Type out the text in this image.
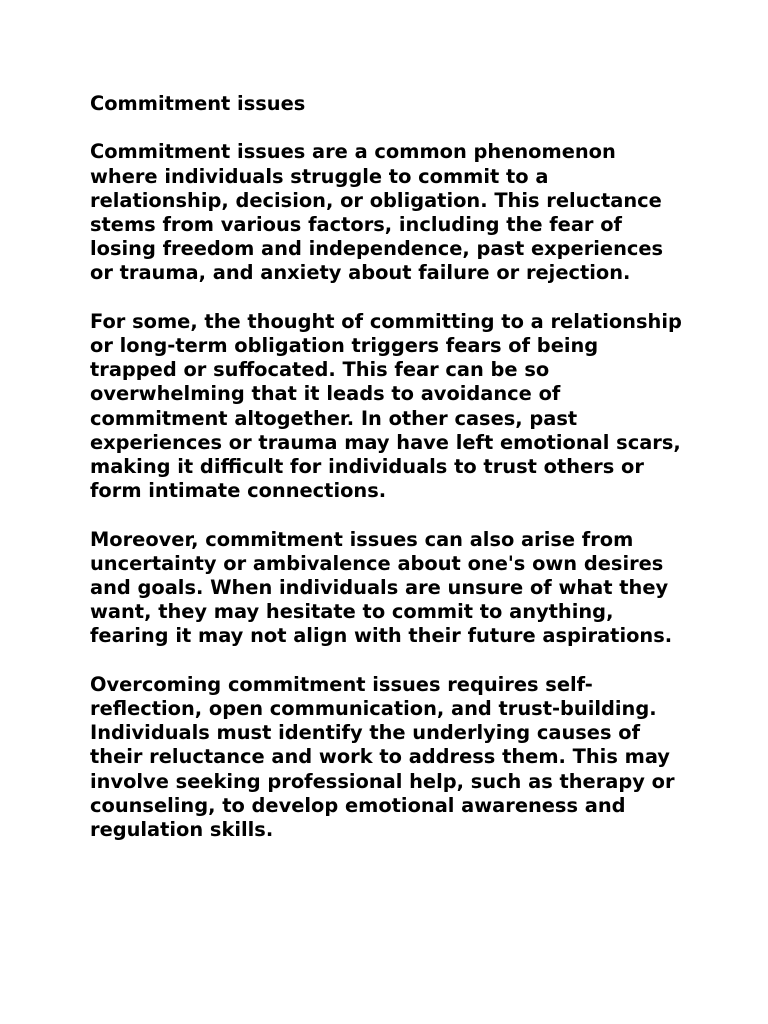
Commitment issues

Commitment issues are a common phenomenon where individuals struggle to commit to a relationship, decision, or obligation. This reluctance stems from various factors, including the fear of losing freedom and independence, past experiences or trauma, and anxiety about failure or rejection.

For some, the thought of committing to a relationship or long-term obligation triggers fears of being trapped or suffocated. This fear can be so overwhelming that it leads to avoidance of commitment altogether. In other cases, past experiences or trauma may have left emotional scars, making it difficult for individuals to trust others or form intimate connections.

Moreover, commitment issues can also arise from uncertainty or ambivalence about one's own desires and goals. When individuals are unsure of what they want, they may hesitate to commit to anything, fearing it may not align with their future aspirations.

Overcoming commitment issues requires self-reflection, open communication, and trust-building. Individuals must identify the underlying causes of their reluctance and work to address them. This may involve seeking professional help, such as therapy or counseling, to develop emotional awareness and regulation skills.
